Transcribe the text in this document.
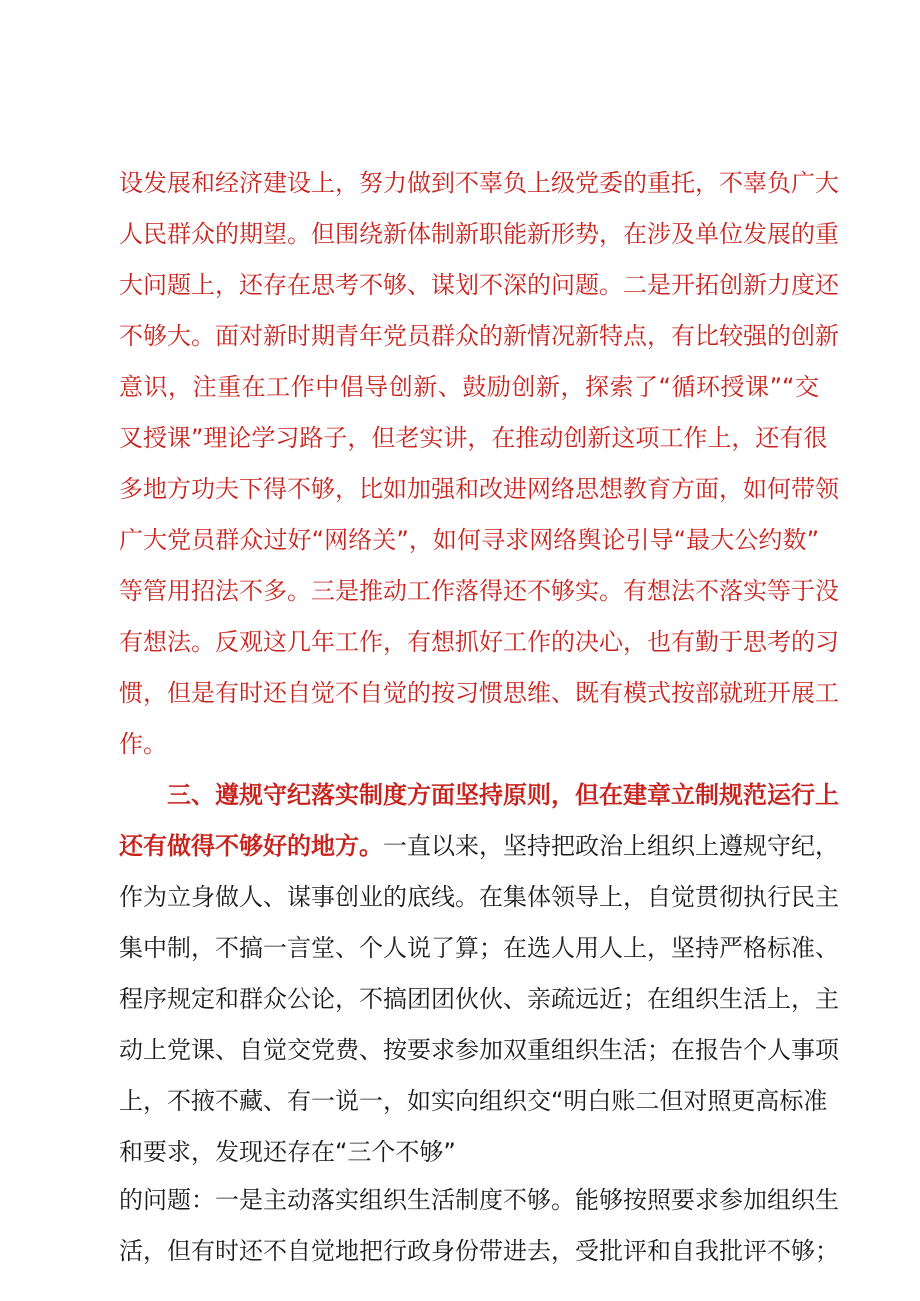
设发展和经济建设上，努力做到不辜负上级党委的重托，不辜负广大
人民群众的期望。但围绕新体制新职能新形势，在涉及单位发展的重
大问题上，还存在思考不够、谋划不深的问题。二是开拓创新力度还
不够大。面对新时期青年党员群众的新情况新特点，有比较强的创新
意识，注重在工作中倡导创新、鼓励创新，探索了“循环授课”“交
叉授课”理论学习路子，但老实讲，在推动创新这项工作上，还有很
多地方功夫下得不够，比如加强和改进网络思想教育方面，如何带领
广大党员群众过好“网络关”，如何寻求网络舆论引导“最大公约数”
等管用招法不多。三是推动工作落得还不够实。有想法不落实等于没
有想法。反观这几年工作，有想抓好工作的决心，也有勤于思考的习
惯，但是有时还自觉不自觉的按习惯思维、既有模式按部就班开展工
作。
三、遵规守纪落实制度方面坚持原则，但在建章立制规范运行上
还有做得不够好的地方。一直以来，坚持把政治上组织上遵规守纪，
作为立身做人、谋事创业的底线。在集体领导上，自觉贯彻执行民主
集中制，不搞一言堂、个人说了算；在选人用人上，坚持严格标准、
程序规定和群众公论，不搞团团伙伙、亲疏远近；在组织生活上，主
动上党课、自觉交党费、按要求参加双重组织生活；在报告个人事项
上，不掖不藏、有一说一，如实向组织交“明白账二但对照更高标准
和要求，发现还存在“三个不够”
的问题：一是主动落实组织生活制度不够。能够按照要求参加组织生
活，但有时还不自觉地把行政身份带进去，受批评和自我批评不够；
